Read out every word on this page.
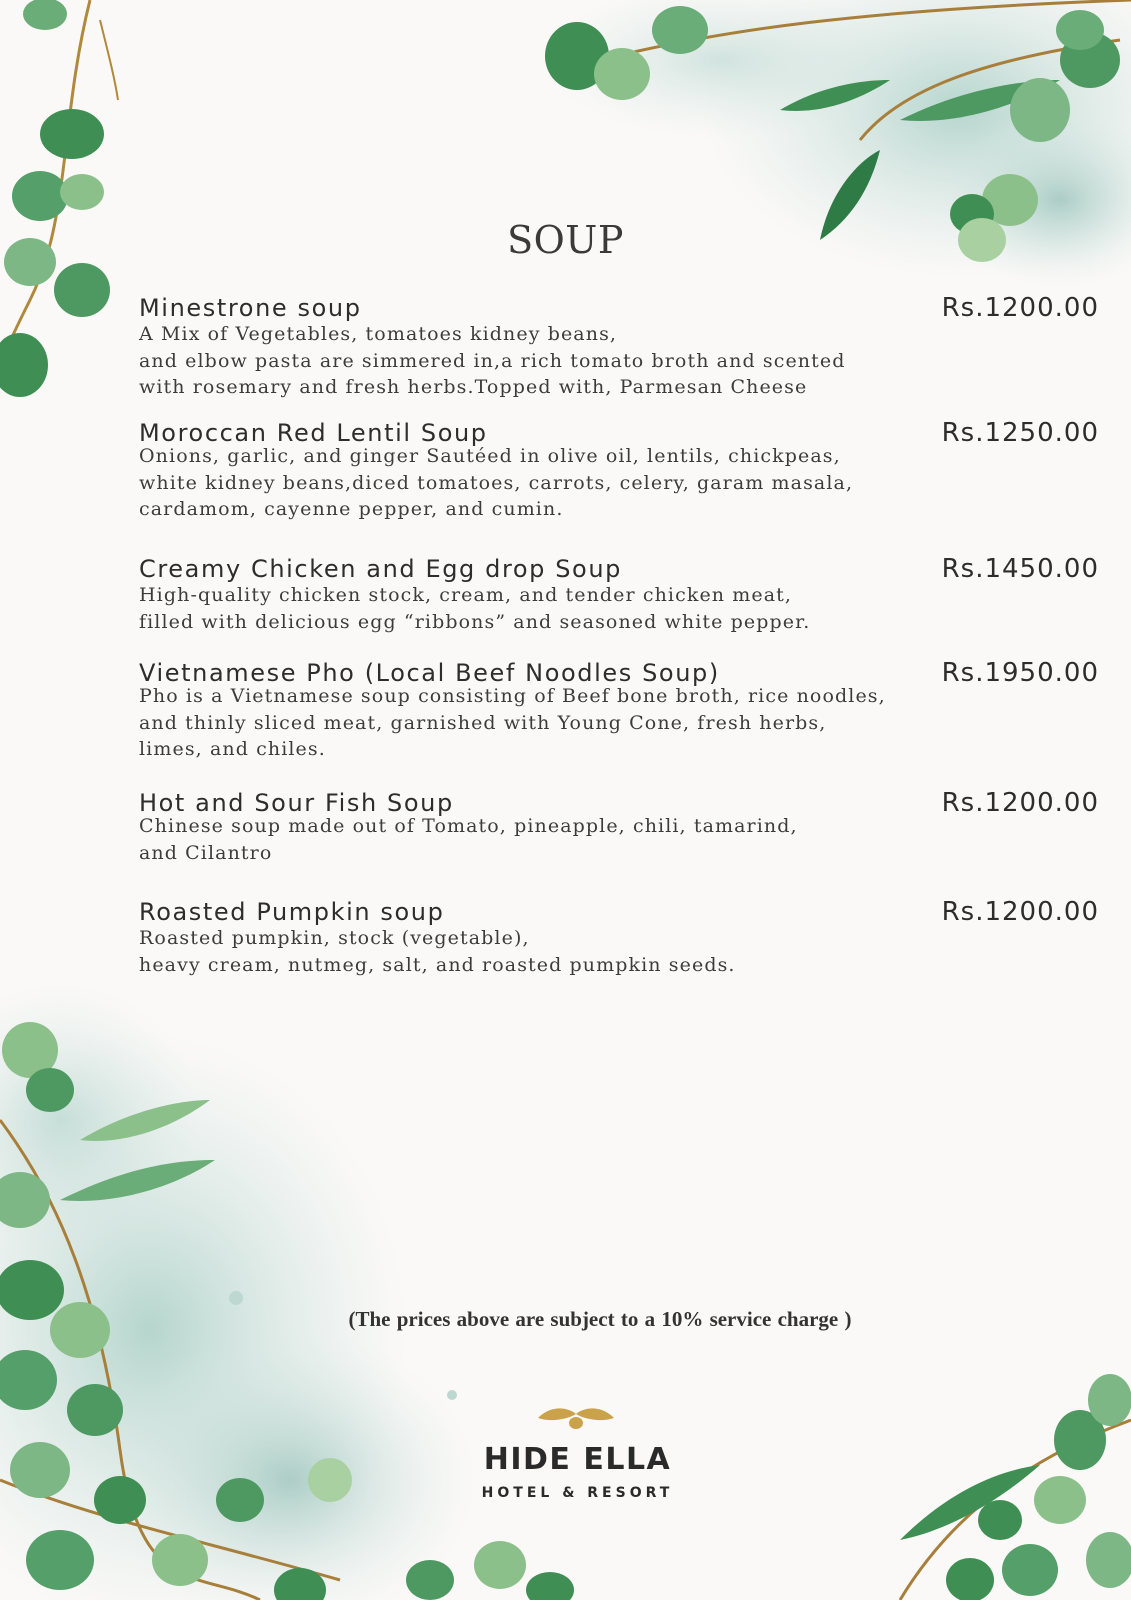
SOUP
Minestrone soup	Rs.1200.00
A Mix of Vegetables, tomatoes kidney beans,
and elbow pasta are simmered in,a rich tomato broth and scented
with rosemary and fresh herbs.Topped with, Parmesan Cheese
Moroccan Red Lentil Soup	Rs.1250.00
Onions, garlic, and ginger Sautéed in olive oil, lentils, chickpeas,
white kidney beans,diced tomatoes, carrots, celery, garam masala,
cardamom, cayenne pepper, and cumin.
Creamy Chicken and Egg drop Soup	Rs.1450.00
High-quality chicken stock, cream, and tender chicken meat,
filled with delicious egg “ribbons” and seasoned white pepper.
Vietnamese Pho (Local Beef Noodles Soup)	Rs.1950.00
Pho is a Vietnamese soup consisting of Beef bone broth, rice noodles,
and thinly sliced meat, garnished with Young Cone, fresh herbs,
limes, and chiles.
Hot and Sour Fish Soup	Rs.1200.00
Chinese soup made out of Tomato, pineapple, chili, tamarind,
and Cilantro
Roasted Pumpkin soup	Rs.1200.00
Roasted pumpkin, stock (vegetable),
heavy cream, nutmeg, salt, and roasted pumpkin seeds.
(The prices above are subject to a 10% service charge )
HIDE ELLA
HOTEL & RESORT
